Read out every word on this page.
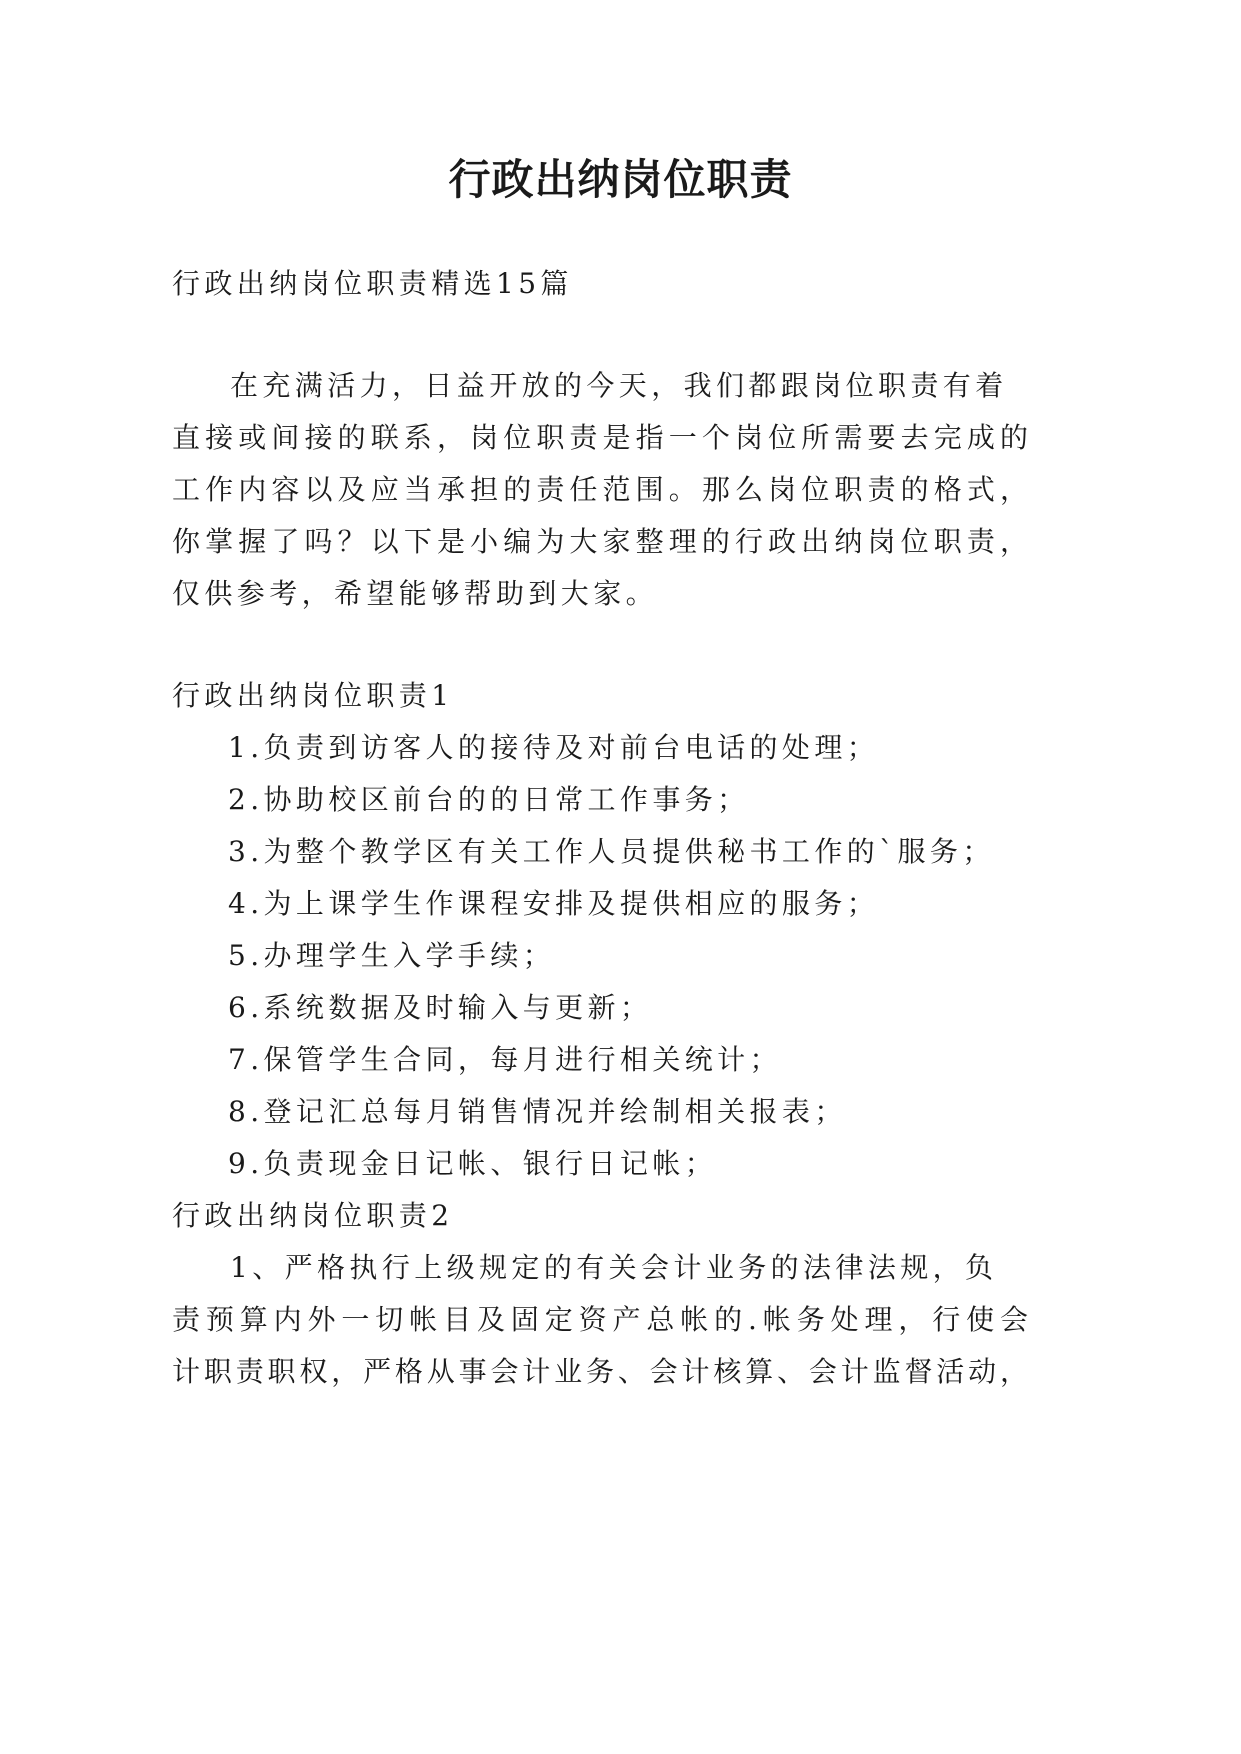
行政出纳岗位职责
行政出纳岗位职责精选15篇
在充满活力，日益开放的今天，我们都跟岗位职责有着
直接或间接的联系，岗位职责是指一个岗位所需要去完成的
工作内容以及应当承担的责任范围。那么岗位职责的格式，
你掌握了吗？以下是小编为大家整理的行政出纳岗位职责，
仅供参考，希望能够帮助到大家。
行政出纳岗位职责1
1.负责到访客人的接待及对前台电话的处理；
2.协助校区前台的的日常工作事务；
3.为整个教学区有关工作人员提供秘书工作的`服务；
4.为上课学生作课程安排及提供相应的服务；
5.办理学生入学手续；
6.系统数据及时输入与更新；
7.保管学生合同，每月进行相关统计；
8.登记汇总每月销售情况并绘制相关报表；
9.负责现金日记帐、银行日记帐；
行政出纳岗位职责2
1、严格执行上级规定的有关会计业务的法律法规，负
责预算内外一切帐目及固定资产总帐的.帐务处理，行使会
计职责职权，严格从事会计业务、会计核算、会计监督活动，
